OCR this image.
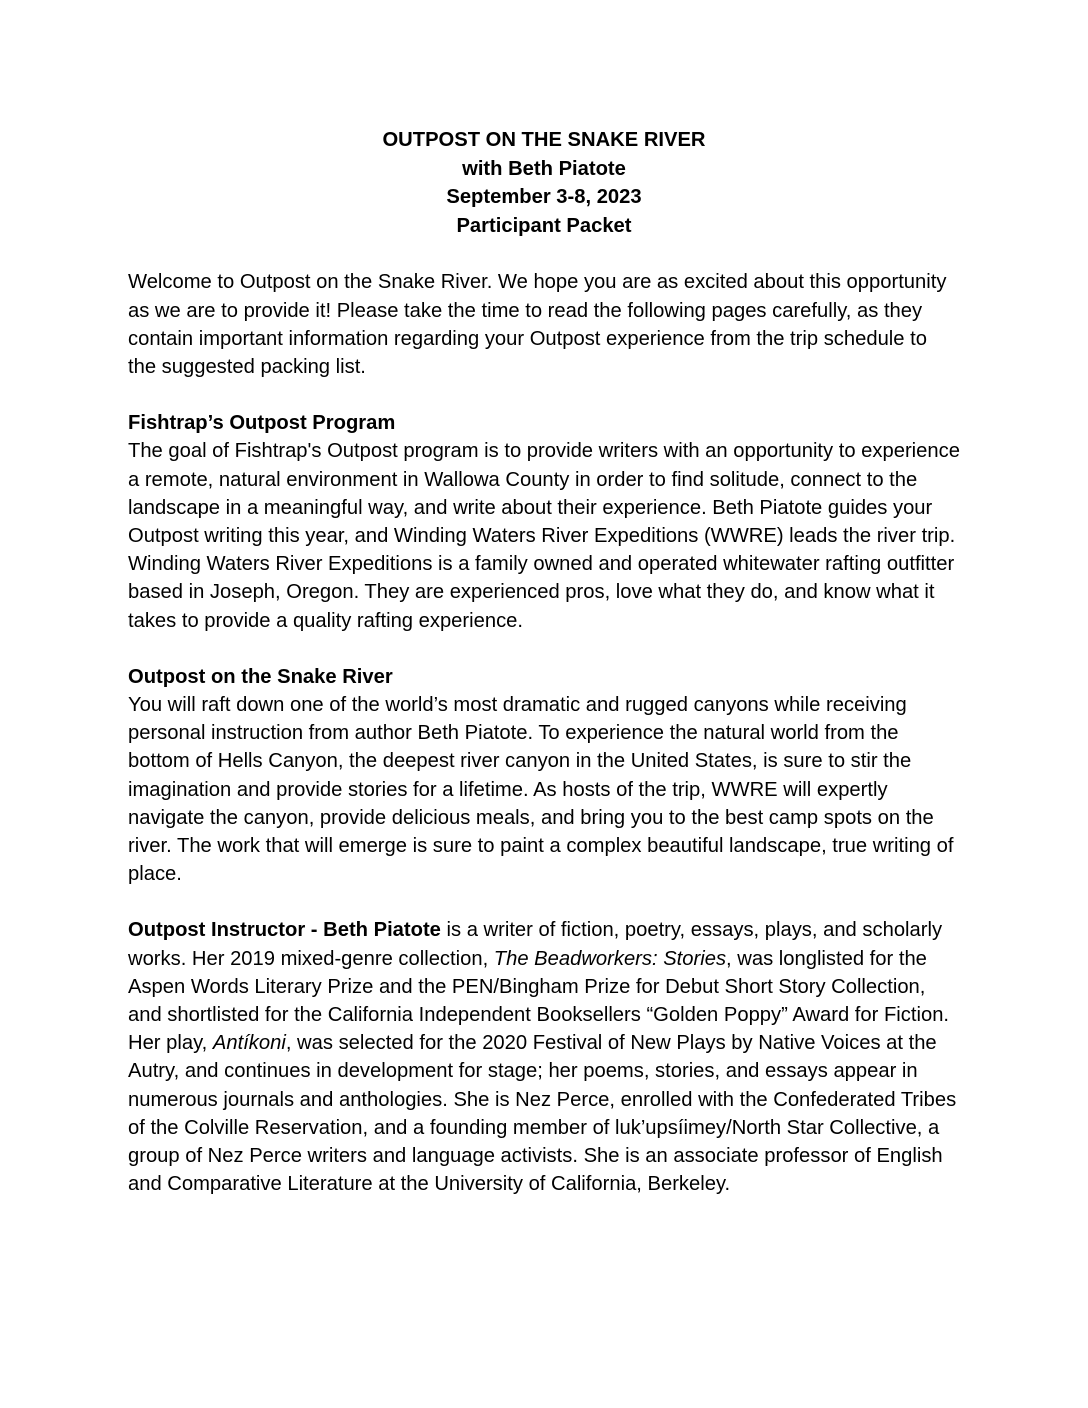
OUTPOST ON THE SNAKE RIVER
with Beth Piatote
September 3-8, 2023
Participant Packet

Welcome to Outpost on the Snake River. We hope you are as excited about this opportunity as we are to provide it! Please take the time to read the following pages carefully, as they contain important information regarding your Outpost experience from the trip schedule to the suggested packing list.

Fishtrap’s Outpost Program
The goal of Fishtrap's Outpost program is to provide writers with an opportunity to experience a remote, natural environment in Wallowa County in order to find solitude, connect to the landscape in a meaningful way, and write about their experience. Beth Piatote guides your Outpost writing this year, and Winding Waters River Expeditions (WWRE) leads the river trip. Winding Waters River Expeditions is a family owned and operated whitewater rafting outfitter based in Joseph, Oregon. They are experienced pros, love what they do, and know what it takes to provide a quality rafting experience.
Outpost on the Snake River
You will raft down one of the world’s most dramatic and rugged canyons while receiving personal instruction from author Beth Piatote. To experience the natural world from the bottom of Hells Canyon, the deepest river canyon in the United States, is sure to stir the imagination and provide stories for a lifetime. As hosts of the trip, WWRE will expertly navigate the canyon, provide delicious meals, and bring you to the best camp spots on the river. The work that will emerge is sure to paint a complex beautiful landscape, true writing of place.
Outpost Instructor - Beth Piatote is a writer of fiction, poetry, essays, plays, and scholarly works. Her 2019 mixed-genre collection, The Beadworkers: Stories, was longlisted for the Aspen Words Literary Prize and the PEN/Bingham Prize for Debut Short Story Collection, and shortlisted for the California Independent Booksellers “Golden Poppy” Award for Fiction. Her play, Antíkoni, was selected for the 2020 Festival of New Plays by Native Voices at the Autry, and continues in development for stage; her poems, stories, and essays appear in numerous journals and anthologies. She is Nez Perce, enrolled with the Confederated Tribes of the Colville Reservation, and a founding member of luk’upsíimey/North Star Collective, a group of Nez Perce writers and language activists. She is an associate professor of English and Comparative Literature at the University of California, Berkeley.
